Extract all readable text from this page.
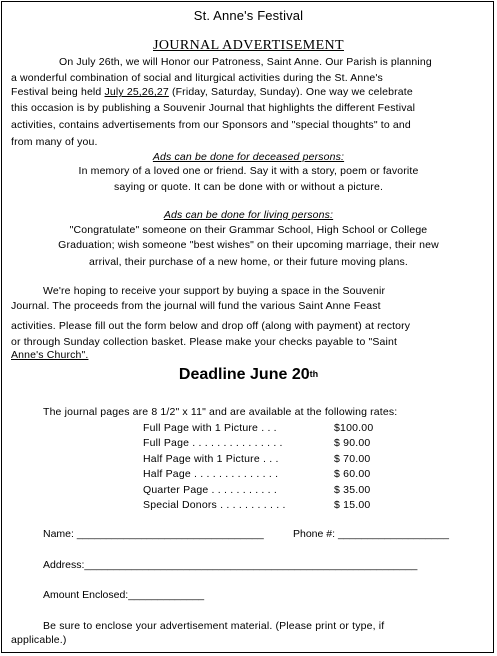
St. Anne's Festival
JOURNAL ADVERTISEMENT
On July 26th, we will Honor our Patroness, Saint Anne. Our Parish is planning
a wonderful combination of social and liturgical activities during the St. Anne's
Festival being held July 25,26,27 (Friday, Saturday, Sunday). One way we celebrate
this occasion is by publishing a Souvenir Journal that highlights the different Festival
activities, contains advertisements from our Sponsors and "special thoughts" to and
from many of you.
Ads can be done for deceased persons:
In memory of a loved one or friend. Say it with a story, poem or favorite
saying or quote. It can be done with or without a picture.
Ads can be done for living persons:
"Congratulate" someone on their Grammar School, High School or College
Graduation; wish someone "best wishes" on their upcoming marriage, their new
arrival, their purchase of a new home, or their future moving plans.
We're hoping to receive your support by buying a space in the Souvenir
Journal. The proceeds from the journal will fund the various Saint Anne Feast
activities. Please fill out the form below and drop off (along with payment) at rectory
or through Sunday collection basket. Please make your checks payable to "Saint
Anne's Church".
Deadline June 20th
The journal pages are 8 1/2" x 11" and are available at the following rates:
Full Page with 1 Picture . . .	$100.00
Full Page . . . . . . . . . . . . . . .	$ 90.00
Half Page with 1 Picture . . .	$ 70.00
Half Page . . . . . . . . . . . . . .	$ 60.00
Quarter Page . . . . . . . . . . .	$ 35.00
Special Donors . . . . . . . . . . .	$ 15.00
Name: ________________________________	Phone #: ___________________
Address:_________________________________________________________
Amount Enclosed:_____________
Be sure to enclose your advertisement material. (Please print or type, if
applicable.)
